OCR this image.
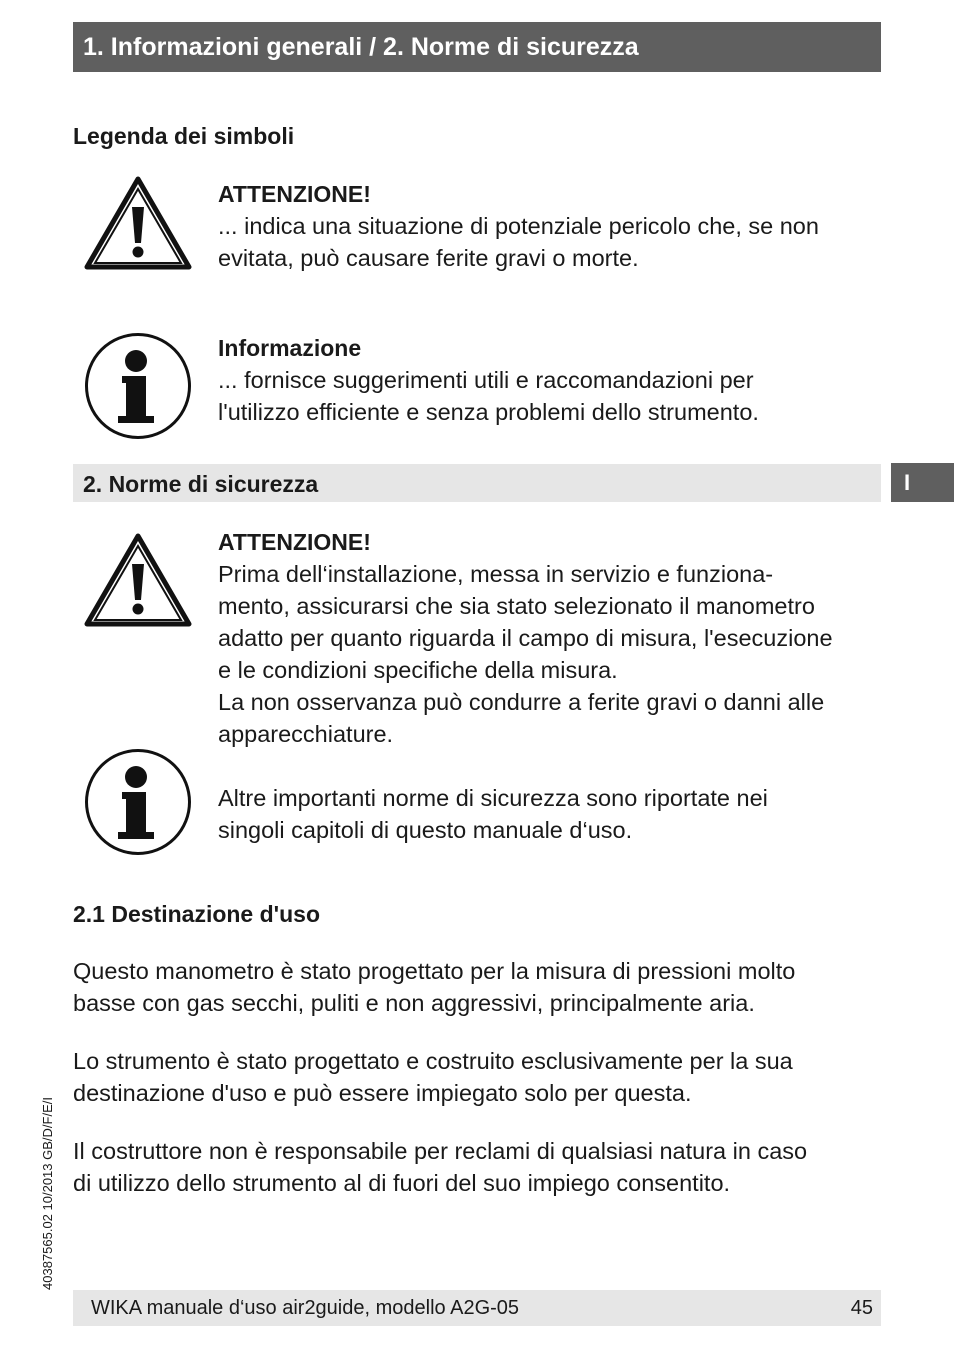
1. Informazioni generali / 2. Norme di sicurezza
Legenda dei simboli
ATTENZIONE!
... indica una situazione di potenziale pericolo che, se non
evitata, può causare ferite gravi o morte.
Informazione
... fornisce suggerimenti utili e raccomandazioni per
l'utilizzo efficiente e senza problemi dello strumento.
2. Norme di sicurezza	I
ATTENZIONE!
Prima dell‘installazione, messa in servizio e funziona-
mento, assicurarsi che sia stato selezionato il manometro
adatto per quanto riguarda il campo di misura, l'esecuzione
e le condizioni specifiche della misura.
La non osservanza può condurre a ferite gravi o danni alle
apparecchiature.
Altre importanti norme di sicurezza sono riportate nei
singoli capitoli di questo manuale d‘uso.
2.1 Destinazione d'uso
Questo manometro è stato progettato per la misura di pressioni molto
basse con gas secchi, puliti e non aggressivi, principalmente aria.
Lo strumento è stato progettato e costruito esclusivamente per la sua
destinazione d'uso e può essere impiegato solo per questa.
Il costruttore non è responsabile per reclami di qualsiasi natura in caso
di utilizzo dello strumento al di fuori del suo impiego consentito.
40387565.02 10/2013 GB/D/F/E/I
WIKA manuale d‘uso air2guide, modello A2G-05	45
